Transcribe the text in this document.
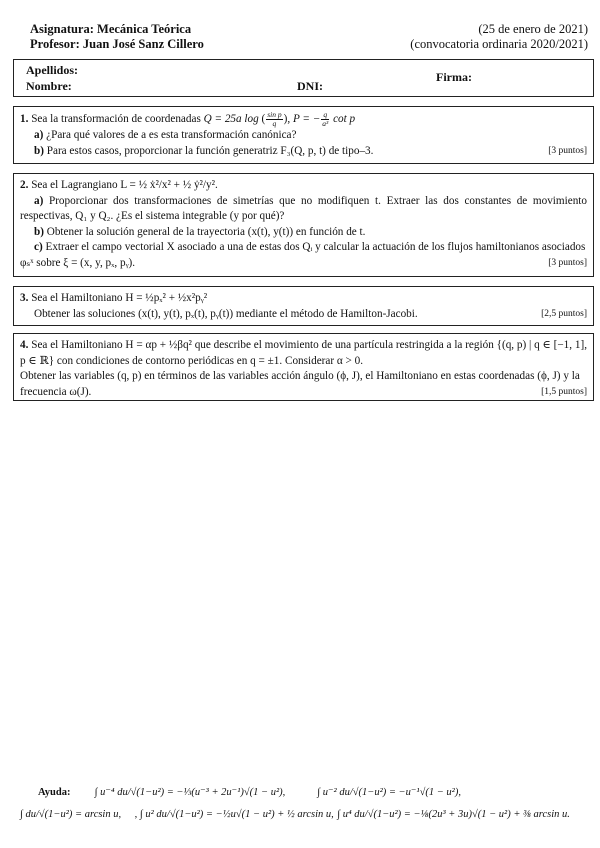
Asignatura: Mecánica Teórica
Profesor: Juan José Sanz Cillero
(25 de enero de 2021)
(convocatoria ordinaria 2020/2021)
Apellidos:
Nombre:	DNI:
Firma:
1. Sea la transformación de coordenadas Q = 25a log ( $\frac{\text{sin p}}{q}$ ), P = − $\frac{q}{\text{a³}}$ cot p
a) ¿Para qué valores de a es esta transformación canónica?
[3 puntos]
b) Para estos casos, proporcionar la función generatriz F₃(Q, p, t) de tipo–3.
2. Sea el Lagrangiano L = ½ ẋ²/x² + ½ ẏ²/y².
a) Proporcionar dos transformaciones de simetrías que no modifiquen t. Extraer las dos constantes de movimiento respectivas, Q₁ y Q₂. ¿Es el sistema integrable (y por qué)?
b) Obtener la solución general de la trayectoria (x(t), y(t)) en función de t.
c) Extraer el campo vectorial X asociado a una de estas dos Qᵢ y calcular la actuación de los flujos hamiltonianos asociados φₛˣ sobre ξ = (x, y, pₓ, pᵧ).	[3 puntos]
3. Sea el Hamiltoniano H = ½pₓ² + ½x²pᵧ²
[2,5 puntos]
Obtener las soluciones (x(t), y(t), pₓ(t), pᵧ(t)) mediante el método de Hamilton-Jacobi.
4. Sea el Hamiltoniano H = αp + ½βq² que describe el movimiento de una partícula restringida a la región {(q, p) | q ∈ [−1, 1], p ∈ ℝ} con condiciones de contorno periódicas en q = ±1. Considerar α > 0.
Obtener las variables (q, p) en términos de las variables acción ángulo (ϕ, J), el Hamiltoniano en estas coordenadas (ϕ, J) y la frecuencia ω(J).	[1,5 puntos]
Ayuda: ∫ u⁻⁴ du/√(1−u²) = −⅓(u⁻³ + 2u⁻¹)√(1 − u²),	∫ u⁻² du/√(1−u²) = −u⁻¹√(1 − u²),
∫ du/√(1−u²) = arcsin u, , ∫ u² du/√(1−u²) = −½u√(1 − u²) + ½ arcsin u, ∫ u⁴ du/√(1−u²) = −⅛(2u³ + 3u)√(1 − u²) + ⅜ arcsin u.
